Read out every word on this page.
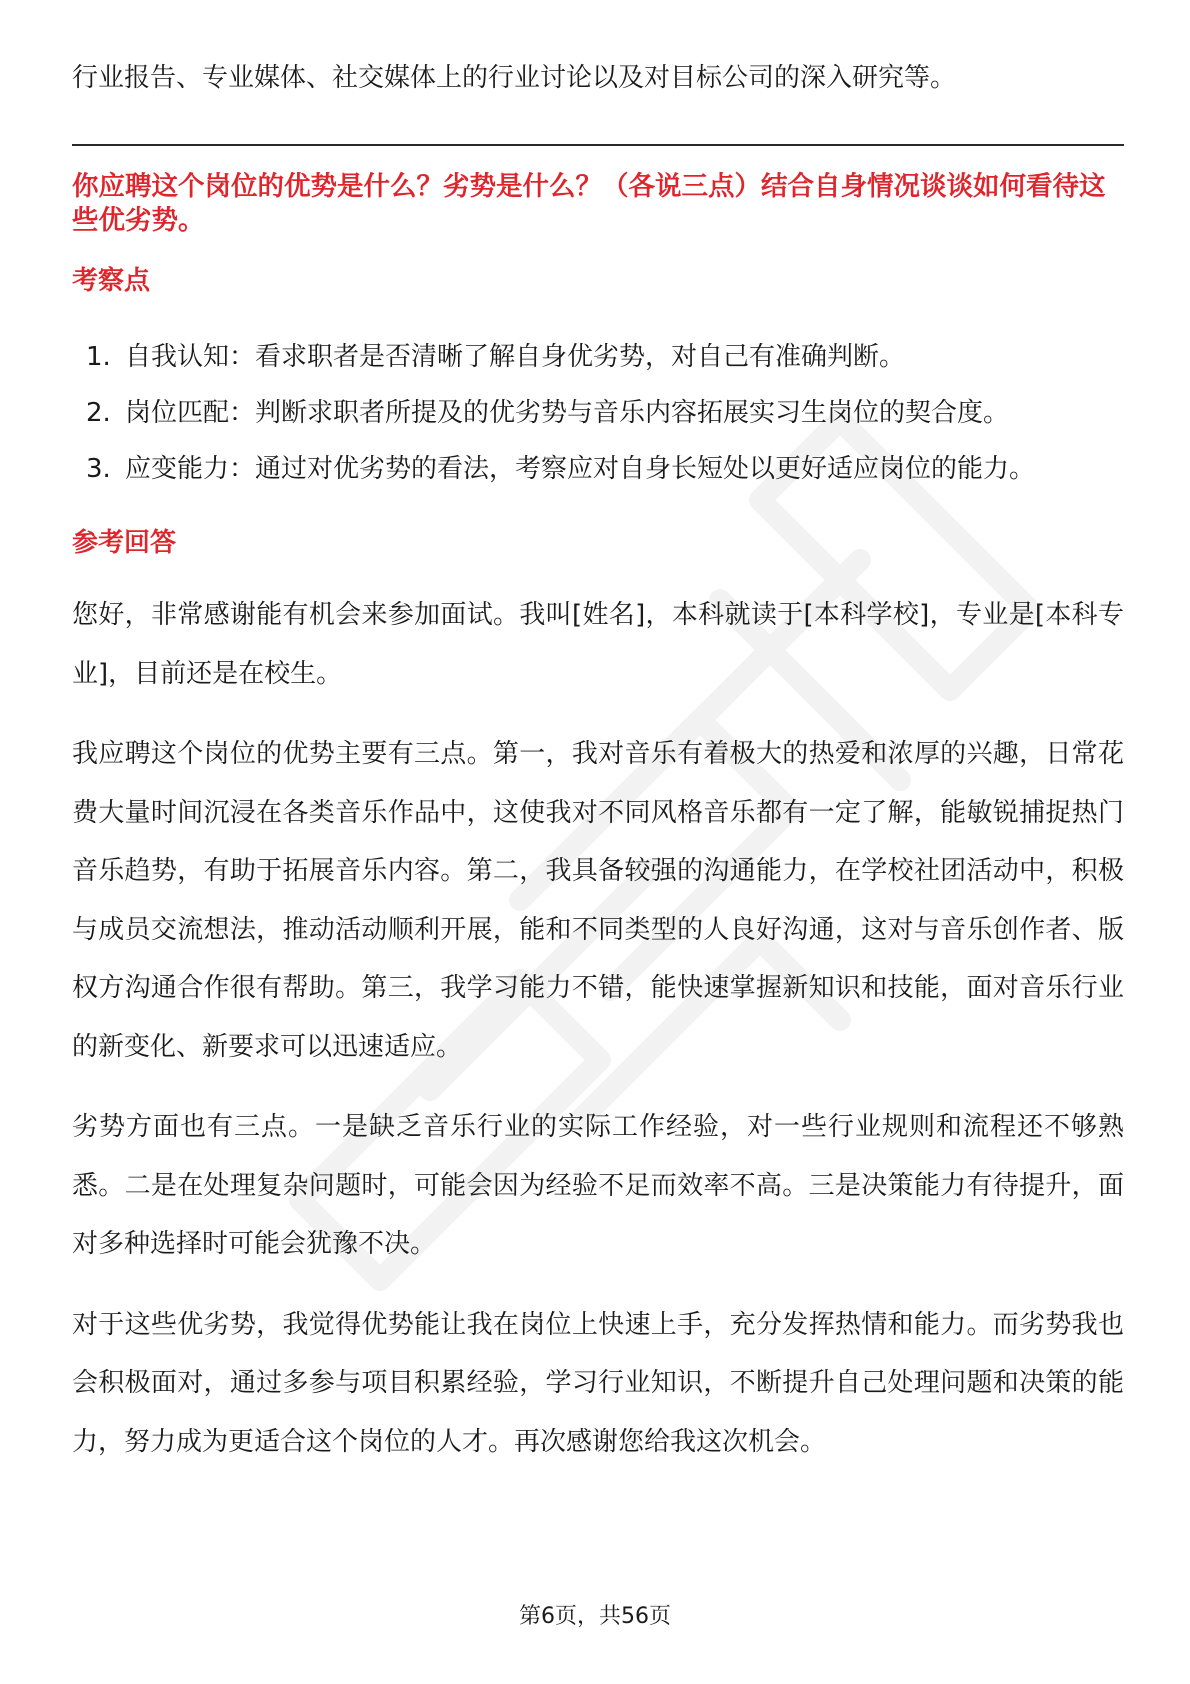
行业报告、专业媒体、社交媒体上的行业讨论以及对目标公司的深入研究等。

你应聘这个岗位的优势是什么？劣势是什么？（各说三点）结合自身情况谈谈如何看待这些优劣势。

考察点

1. 自我认知：看求职者是否清晰了解自身优劣势，对自己有准确判断。
2. 岗位匹配：判断求职者所提及的优劣势与音乐内容拓展实习生岗位的契合度。
3. 应变能力：通过对优劣势的看法，考察应对自身长短处以更好适应岗位的能力。

参考回答

您好，非常感谢能有机会来参加面试。我叫[姓名]，本科就读于[本科学校]，专业是[本科专业]，目前还是在校生。

我应聘这个岗位的优势主要有三点。第一，我对音乐有着极大的热爱和浓厚的兴趣，日常花费大量时间沉浸在各类音乐作品中，这使我对不同风格音乐都有一定了解，能敏锐捕捉热门音乐趋势，有助于拓展音乐内容。第二，我具备较强的沟通能力，在学校社团活动中，积极与成员交流想法，推动活动顺利开展，能和不同类型的人良好沟通，这对与音乐创作者、版权方沟通合作很有帮助。第三，我学习能力不错，能快速掌握新知识和技能，面对音乐行业的新变化、新要求可以迅速适应。

劣势方面也有三点。一是缺乏音乐行业的实际工作经验，对一些行业规则和流程还不够熟悉。二是在处理复杂问题时，可能会因为经验不足而效率不高。三是决策能力有待提升，面对多种选择时可能会犹豫不决。

对于这些优劣势，我觉得优势能让我在岗位上快速上手，充分发挥热情和能力。而劣势我也会积极面对，通过多参与项目积累经验，学习行业知识，不断提升自己处理问题和决策的能力，努力成为更适合这个岗位的人才。再次感谢您给我这次机会。

第6页，共56页
